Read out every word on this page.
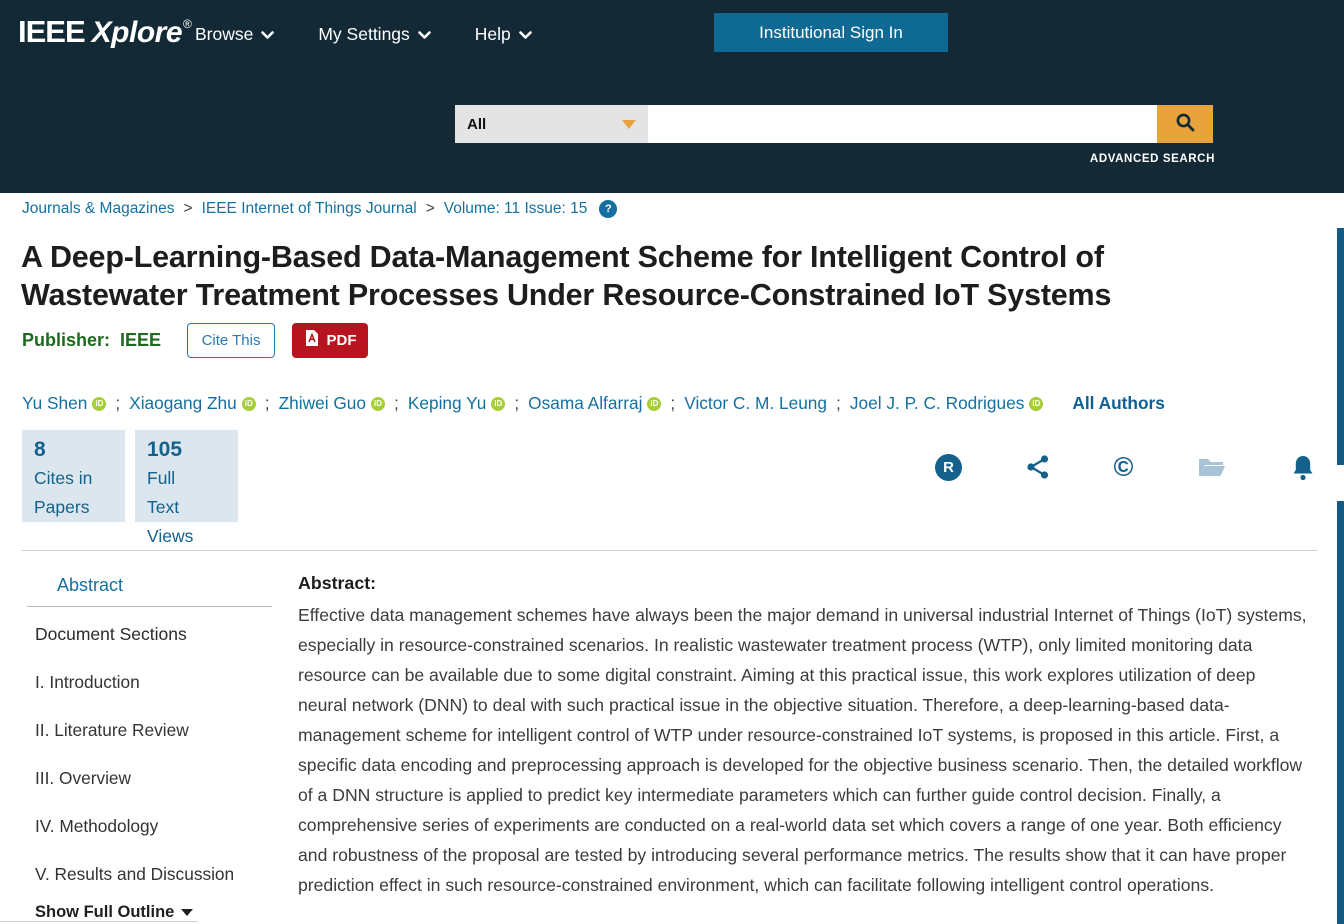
IEEE Xplore® Browse	My Settings	Help	Institutional Sign In
All
ADVANCED SEARCH
Journals & Magazines > IEEE Internet of Things Journal > Volume: 11 Issue: 15	?
A Deep-Learning-Based Data-Management Scheme for Intelligent Control of Wastewater Treatment Processes Under Resource-Constrained IoT Systems
Publisher: IEEE	Cite This	PDF
Yu Shen	iD ; Xiaogang Zhu	iD ; Zhiwei Guo	iD ; Keping Yu	iD ; Osama Alfarraj	iD ; Victor C. M. Leung ; Joel J. P. C. Rodrigues	iD All Authors
8
Cites in
Papers
105
Full
Text
Views
R	©
Abstract
Document Sections
I. Introduction
II. Literature Review
III. Overview
IV. Methodology
V. Results and Discussion
Show Full Outline
Abstract:
Effective data management schemes have always been the major demand in universal industrial Internet of Things (IoT) systems, especially in resource-constrained scenarios. In realistic wastewater treatment process (WTP), only limited monitoring data resource can be available due to some digital constraint. Aiming at this practical issue, this work explores utilization of deep neural network (DNN) to deal with such practical issue in the objective situation. Therefore, a deep-learning-based data-management scheme for intelligent control of WTP under resource-constrained IoT systems, is proposed in this article. First, a specific data encoding and preprocessing approach is developed for the objective business scenario. Then, the detailed workflow of a DNN structure is applied to predict key intermediate parameters which can further guide control decision. Finally, a comprehensive series of experiments are conducted on a real-world data set which covers a range of one year. Both efficiency and robustness of the proposal are tested by introducing several performance metrics. The results show that it can have proper prediction effect in such resource-constrained environment, which can facilitate following intelligent control operations.
